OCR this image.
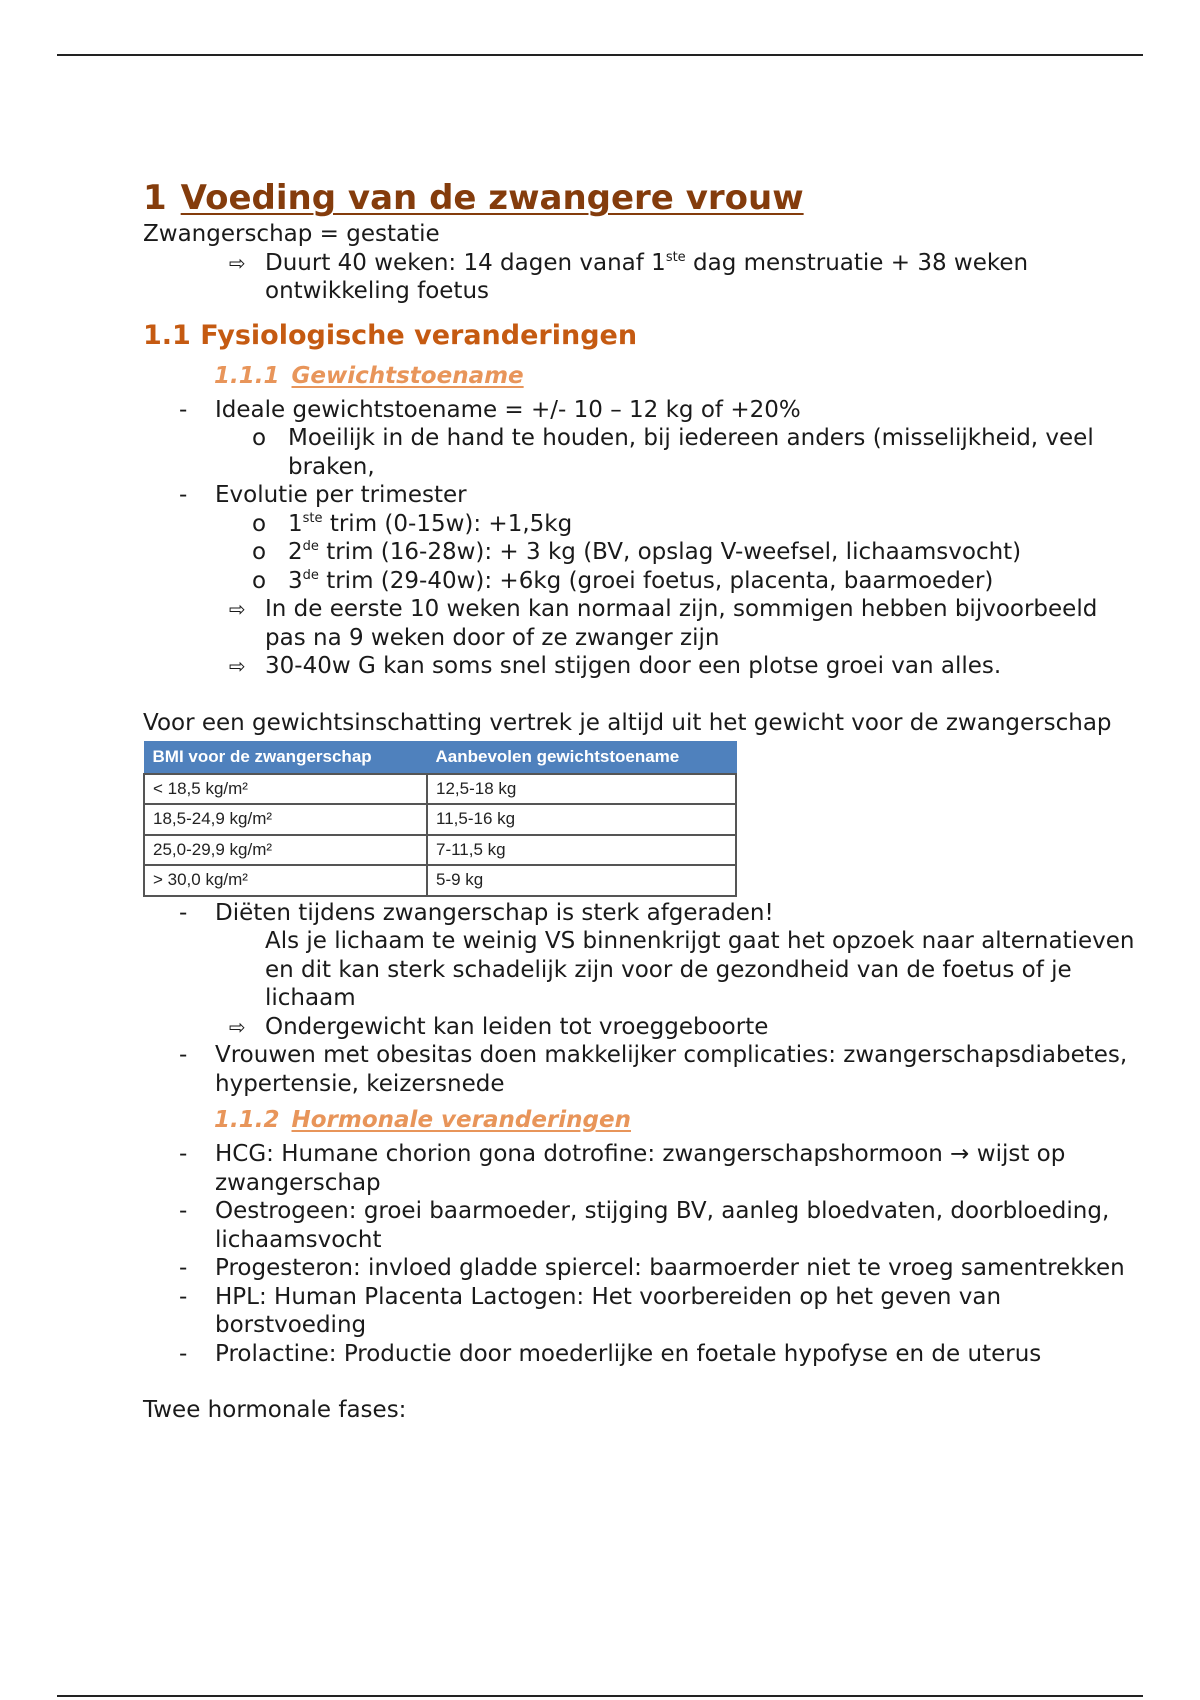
1 Voeding van de zwangere vrouw

Zwangerschap = gestatie

⇨ Duurt 40 weken: 14 dagen vanaf 1ste dag menstruatie + 38 weken ontwikkeling foetus
1.1 Fysiologische veranderingen
1.1.1 Gewichtstoename
- Ideale gewichtstoename = +/- 10 – 12 kg of +20%
o Moeilijk in de hand te houden, bij iedereen anders (misselijkheid, veel braken,
- Evolutie per trimester
o 1ste trim (0-15w): +1,5kg
o 2de trim (16-28w): + 3 kg (BV, opslag V-weefsel, lichaamsvocht)
o 3de trim (29-40w): +6kg (groei foetus, placenta, baarmoeder)
⇨ In de eerste 10 weken kan normaal zijn, sommigen hebben bijvoorbeeld pas na 9 weken door of ze zwanger zijn
⇨ 30-40w G kan soms snel stijgen door een plotse groei van alles.

Voor een gewichtsinschatting vertrek je altijd uit het gewicht voor de zwangerschap

BMI voor de zwangerschap	Aanbevolen gewichtstoename
< 18,5 kg/m²	12,5-18 kg
18,5-24,9 kg/m²	11,5-16 kg
25,0-29,9 kg/m²	7-11,5 kg
> 30,0 kg/m²	5-9 kg
- Diëten tijdens zwangerschap is sterk afgeraden!

Als je lichaam te weinig VS binnenkrijgt gaat het opzoek naar alternatieven en dit kan sterk schadelijk zijn voor de gezondheid van de foetus of je lichaam

⇨ Ondergewicht kan leiden tot vroeggeboorte
- Vrouwen met obesitas doen makkelijker complicaties: zwangerschapsdiabetes, hypertensie, keizersnede
1.1.2 Hormonale veranderingen
- HCG: Humane chorion gona dotrofine: zwangerschapshormoon → wijst op zwangerschap
- Oestrogeen: groei baarmoeder, stijging BV, aanleg bloedvaten, doorbloeding, lichaamsvocht
- Progesteron: invloed gladde spiercel: baarmoerder niet te vroeg samentrekken
- HPL: Human Placenta Lactogen: Het voorbereiden op het geven van borstvoeding
- Prolactine: Productie door moederlijke en foetale hypofyse en de uterus

Twee hormonale fases:
